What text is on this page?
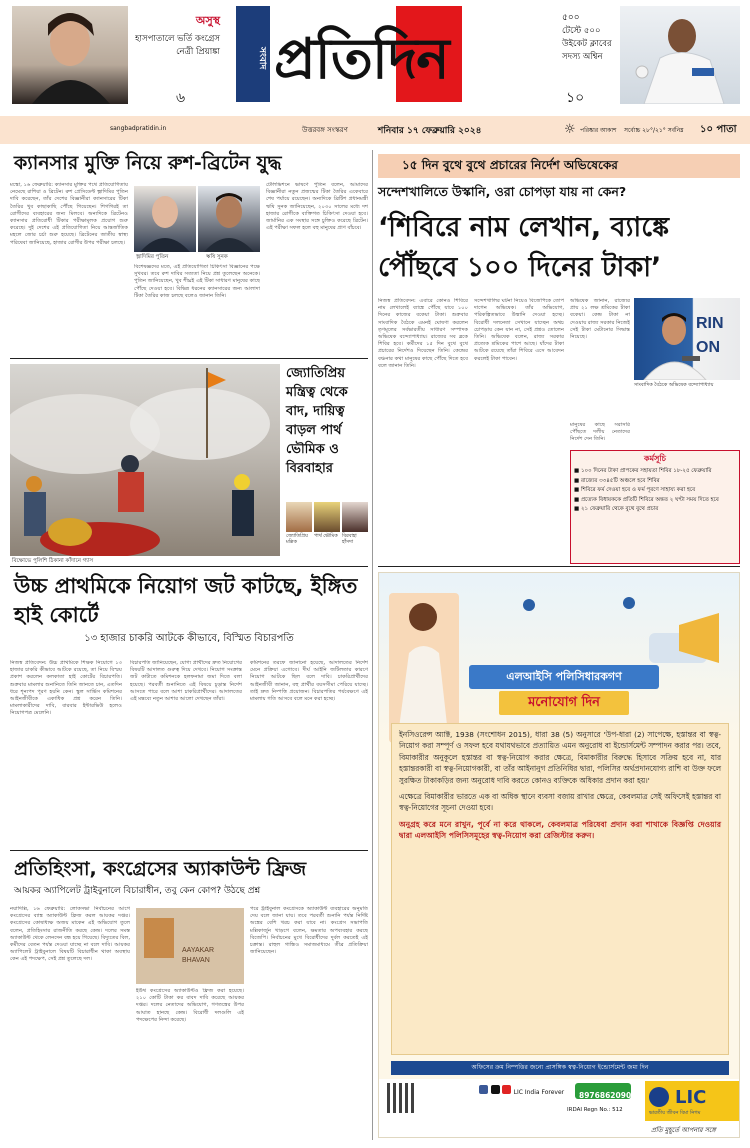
অসুস্থ
হাসপাতালে ভর্তি কংগ্রেস নেত্রী প্রিয়াঙ্কা
৬
সংবাদ প্রতিদিন
৫০০
টেস্টে ৫০০
উইকেট ক্লাবের
সদস্য অশ্বিন
১০
sangbadpratidin.in	উত্তরবঙ্গ সংস্করণ	শনিবার ১৭ ফেব্রুয়ারি ২০২৪	☼ পরিষ্কার আকাশ সর্বোচ্চ ২৮°/২১° সর্বনিম্ন ১০ পাতা
ক্যানসার মুক্তি নিয়ে রুশ-ব্রিটেন যুদ্ধ
মস্কো, ১৬ ফেব্রুয়ারি: ক্যানসার মুক্তির পথে প্রতিযোগিতায় নেমেছে রাশিয়া ও ব্রিটেন। রুশ প্রেসিডেন্ট ভ্লাদিমির পুতিন দাবি করেছেন, তাঁর দেশের বিজ্ঞানীরা ক্যানসারের টিকা তৈরির খুব কাছাকাছি পৌঁছে গিয়েছেন। শিগগিরই তা রোগীদের ব্যবহারের জন্য মিলবে। অন্যদিকে ব্রিটেনও ক্যানসার প্রতিরোধী টিকার পরীক্ষামূলক প্রয়োগ শুরু করেছে। দুই দেশের এই প্রতিযোগিতা নিয়ে আন্তর্জাতিক মহলে জোর চর্চা শুরু হয়েছে। ব্রিটেনের জাতীয় স্বাস্থ্য পরিষেবা জানিয়েছে, হাজার রোগীর উপর পরীক্ষা চলছে।
ভ্লাদিমির পুতিন	ঋষি সুনক
বিশেষজ্ঞদের মতে, এই প্রতিযোগিতা চিকিৎসা বিজ্ঞানের পক্ষে সুখবর। তবে রুশ দাবির সত্যতা নিয়ে প্রশ্ন তুলেছেন অনেকে। পুতিন জানিয়েছেন, খুব শীঘ্রই এই টিকা সাধারণ মানুষের কাছে পৌঁছে দেওয়া হবে। বিভিন্ন ধরনের ক্যানসারের জন্য আলাদা টিকা তৈরির কাজ চলছে বলেও জানান তিনি।
টেলিভিশনে ভাষণে পুতিন বলেন, আমাদের বিজ্ঞানীরা নতুন প্রজন্মের টিকা তৈরির একেবারে শেষ পর্যায়ে রয়েছেন। অন্যদিকে ব্রিটিশ প্রধানমন্ত্রী ঋষি সুনক জানিয়েছেন, ২০৩০ সালের মধ্যে দশ হাজার রোগীকে ব্যক্তিগত চিকিৎসা দেওয়া হবে। জার্মানির এক সংস্থার সঙ্গে চুক্তিও করেছে ব্রিটেন। এই পরীক্ষা সফল হলে বহু মানুষের প্রাণ বাঁচবে।
বিক্ষোভে পুলিশি ঠিকানা কাঁদানে গ্যাস
জ্যোতিপ্রিয় মন্ত্রিত্ব থেকে বাদ, দায়িত্ব বাড়ল পার্থ ভৌমিক ও বিরবাহার
জ্যোতিপ্রিয় মল্লিক
পার্থ ভৌমিক বিরবাহা হাঁসদা
উচ্চ প্রাথমিকে নিয়োগ জট কাটছে, ইঙ্গিত হাই কোর্টে
১৩ হাজার চাকরি আটকে কীভাবে, বিস্মিত বিচারপতি
নিজস্ব প্রতিবেদন: উচ্চ প্রাথমিকে শিক্ষক নিয়োগে ১৩ হাজার চাকরি কীভাবে আটকে রয়েছে, তা নিয়ে বিস্ময় প্রকাশ করলেন কলকাতা হাই কোর্টের বিচারপতি। শুক্রবার মামলার শুনানিতে তিনি জানতে চান, এতদিন ধরে শূন্যপদ পূরণ হয়নি কেন। স্কুল সার্ভিস কমিশনের আইনজীবীকে একাধিক প্রশ্ন করেন তিনি। মামলাকারীদের দাবি, বারবার ইন্টারভিউ হলেও নিয়োগপত্র মেলেনি।
বিচারপতি জানিয়েছেন, যোগ্য প্রার্থীদের দ্রুত নিয়োগের বিষয়টি আদালত গুরুত্ব দিয়ে দেখবে। নিয়োগ সংক্রান্ত জট কাটাতে কমিশনকে হলফনামা জমা দিতে বলা হয়েছে। পরবর্তী শুনানিতে এই বিষয়ে চূড়ান্ত নির্দেশ আসতে পারে বলে আশা চাকরিপ্রার্থীদের। আদালতের এই মন্তব্যে নতুন আশার আলো দেখছেন তাঁরা।
কমিশনের তরফে জানানো হয়েছে, আদালতের নির্দেশ মেনে প্রক্রিয়া এগোবে। দীর্ঘ আইনি জটিলতার কারণে নিয়োগ আটকে ছিল বলে দাবি। চাকরিপ্রার্থীদের আইনজীবী জানান, বহু প্রার্থীর বয়সসীমা পেরিয়ে যাচ্ছে। তাই দ্রুত নিষ্পত্তি প্রয়োজন। বিচারপতির পর্যবেক্ষণে এই মামলায় গতি আসবে বলে মনে করা হচ্ছে।
প্রতিহিংসা, কংগ্রেসের অ্যাকাউন্ট ফ্রিজ
আয়কর অ্যাপিলেট ট্রাইবুনালে বিচারাধীন, তবু কেন কোপ? উঠছে প্রশ্ন
নয়াদিল্লি, ১৬ ফেব্রুয়ারি: লোকসভা নির্বাচনের আগে কংগ্রেসের ব্যাঙ্ক অ্যাকাউন্ট ফ্রিজ করল আয়কর দপ্তর। কংগ্রেসের কোষাধ্যক্ষ অজয় মাকেন এই অভিযোগ তুলে বলেন, প্রতিহিংসার রাজনীতি করছে কেন্দ্র। দলের সমস্ত অ্যাকাউন্ট থেকে লেনদেন বন্ধ হয়ে গিয়েছে। বিদ্যুতের বিল, কর্মীদের বেতন পর্যন্ত দেওয়া যাচ্ছে না বলে দাবি। আয়কর অ্যাপিলেট ট্রাইবুনালে বিষয়টি বিচারাধীন থাকা অবস্থায় কেন এই পদক্ষেপ, সেই প্রশ্ন তুলেছে দল।
AAYAKAR
BHAVAN
ইউথ কংগ্রেসের অ্যাকাউন্টও ফ্রিজ করা হয়েছে। ২১০ কোটি টাকা কর বাবদ দাবি করেছে আয়কর দপ্তর। দলের নেতাদের অভিযোগ, গণতন্ত্রের উপর আঘাত হানছে কেন্দ্র। বিরোধী দলগুলি এই পদক্ষেপের নিন্দা করেছে।
পরে ট্রাইবুনাল কংগ্রেসকে অ্যাকাউন্ট ব্যবহারের অনুমতি দেয় বলে জানা যায়। তবে পরবর্তী শুনানি পর্যন্ত নির্দিষ্ট অঙ্কের বেশি খরচ করা যাবে না। কংগ্রেস সভাপতি মল্লিকার্জুন খাড়গে বলেন, ক্ষমতার অপব্যবহার করছে বিজেপি। নির্বাচনের মুখে বিরোধীদের দুর্বল করতেই এই চক্রান্ত। রাহুল গান্ধিও সমাজমাধ্যমে তীব্র প্রতিক্রিয়া জানিয়েছেন।
১৫ দিন বুথে বুথে প্রচারের নির্দেশ অভিষেকের
সন্দেশখালিতে উস্কানি, ওরা চোপড়া যায় না কেন?
‘শিবিরে নাম লেখান, ব্যাঙ্কে পৌঁছবে ১০০ দিনের টাকা’
নিজস্ব প্রতিবেদন: এবারে কোনও শিবিরে নাম লেখালেই ব্যাঙ্কে পৌঁছে যাবে ১০০ দিনের কাজের বকেয়া টাকা। শুক্রবার সাংবাদিক বৈঠকে এমনই ঘোষণা করলেন তৃণমূলের সর্বভারতীয় সাধারণ সম্পাদক অভিষেক বন্দ্যোপাধ্যায়। রাজ্যের সব ব্লকে শিবির হবে। কর্মীদের ১৫ দিন বুথে বুথে প্রচারের নির্দেশও দিয়েছেন তিনি। কেন্দ্রের বঞ্চনার কথা মানুষের কাছে পৌঁছে দিতে হবে বলে জানান তিনি।
সন্দেশখালির ঘটনা নিয়েও বিজেপিকে তোপ দাগেন অভিষেক। তাঁর অভিযোগ, পরিকল্পিতভাবে উস্কানি দেওয়া হচ্ছে। বিরোধী দলনেতা সেখানে যাচ্ছেন অথচ চোপড়ায় কেন যান না, সেই প্রশ্নও তোলেন তিনি। অভিষেক বলেন, রাজ্য সরকার প্রত্যেক শ্রমিকের পাশে আছে। যাঁদের টাকা আটকে রয়েছে তাঁরা শিবিরে এসে আবেদন করলেই টাকা পাবেন।
অভিষেক জানান, রাজ্যের প্রায় ২১ লক্ষ শ্রমিকের টাকা বকেয়া। কেন্দ্র টাকা না দেওয়ায় রাজ্য সরকার নিজেই সেই টাকা মেটানোর সিদ্ধান্ত নিয়েছে।
RIN
ON
সাংবাদিক বৈঠকে অভিষেক বন্দ্যোপাধ্যায়
মানুষের কাছে সরাসরি পৌঁছতে দলীয় নেতাদের নির্দেশ দেন তিনি।
কর্মসূচি
■ ১০০ দিনের টাকা প্রাপকের সহায়তা শিবির ১৮-২৫ ফেব্রুয়ারি
■ রাজ্যের ৩৩৪৫টি অঞ্চলে হবে শিবির
■ শিবিরে ফর্ম দেওয়া হবে ও ফর্ম পূরণে সাহায্য করা হবে
■ প্রত্যেক বিধায়ককে প্রতিটি শিবিরে অন্তত ২ ঘণ্টা সময় দিতে হবে
■ ২১ ফেব্রুয়ারি থেকে বুথে বুথে প্রচার
এলআইসি পলিসিধারকগণ
মনোযোগ দিন

ইনসিওরেন্স অ্যাক্ট, 1938 (সংশোধন 2015), ধারা 38 (5) অনুসারে 'উপ-ধারা (2) সাপেক্ষে, হস্তান্তর বা স্বত্ব-নিয়োগ করা সম্পূর্ণ ও সফল হবে যথাযথভাবে প্রত্যায়িত এমন অনুরোধ বা ইন্ডোর্সমেন্ট সম্পাদন করার পর। তবে, বিমাকারীর অনুকূলে হস্তান্তর বা স্বত্ব-নিয়োগ করার ক্ষেত্রে, বিমাকারীর বিরুদ্ধে হিসাবে সক্রিয় হবে না, যার হস্তান্তরকারী বা স্বত্ব-নিয়োগকারী, বা তাঁর আইনানুগ প্রতিনিধির দ্বারা, পলিসির অর্থপ্রদানযোগ্য রাশি বা উক্ত ফলে সুরক্ষিত টাকাকড়ির জন্য অনুরোধ দাবি করতে কোনও ব্যক্তিকে অধিকার প্রদান করা হয়।'

এক্ষেত্রে বিমাকারীর ভারতে এক বা অধিক স্থানে ব্যবসা বজায় রাখার ক্ষেত্রে, কেবলমাত্র সেই অফিসেই হস্তান্তর বা স্বত্ব-নিয়োগের সূচনা দেওয়া হবে।

অনুগ্রহ করে মনে রাখুন, পূর্বে না করে থাকলে, কেবলমাত্র পরিষেবা প্রদান করা শাখাকে বিজ্ঞপ্তি দেওয়ার দ্বারা এলআইসি পলিসিসমূহের স্বত্ব-নিয়োগ করা রেজিস্টার করুন।

অফিসের ক্রম নিম্পত্তির জন্যে প্রাসঙ্গিক স্বত্ব-নিয়োগ ইন্ডোর্সমেন্ট জমা দিন
LIC India Forever	8976862090
IRDAI Regn No.: 512
LIC
ভারতীয় জীবন বিমা নিগম
প্রতি মুহূর্তে আপনার সঙ্গে
